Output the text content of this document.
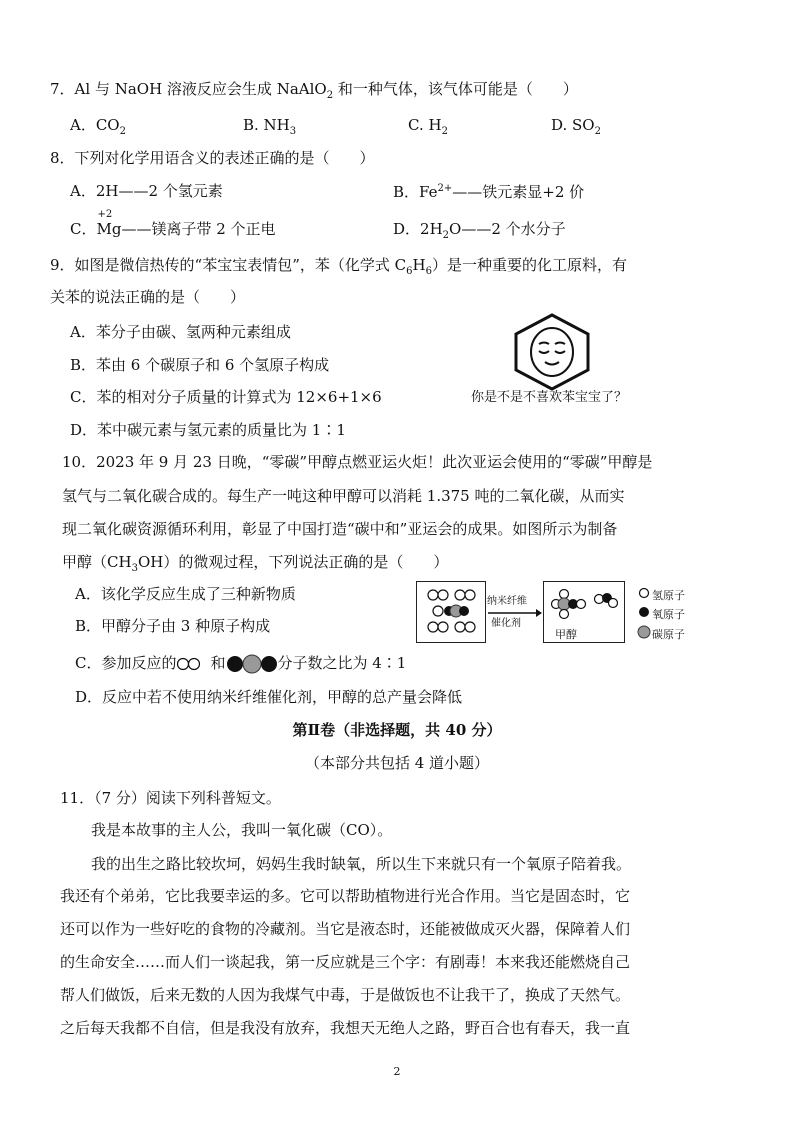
7．Al 与 NaOH 溶液反应会生成 NaAlO$_2$ 和一种气体，该气体可能是（　　）
A．$CO_2$	B. $NH_3$	C. $H_2$	D. $SO_2$
8．下列对化学用语含义的表述正确的是（　　）
A．2H——2 个氢元素	B．$Fe^{2+}——$铁元素显+2 价
C．
+2
Mg——镁离子带 2 个正电	D．$2H_2O——2$ 个水分子
9．如图是微信热传的“苯宝宝表情包”，苯（化学式 $C_6H_6$）是一种重要的化工原料，有
关苯的说法正确的是（　　）
A．苯分子由碳、氢两种元素组成
B．苯由 6 个碳原子和 6 个氢原子构成
C．苯的相对分子质量的计算式为 12×6+1×6
D．苯中碳元素与氢元素的质量比为 1∶1
你是不是不喜欢苯宝宝了？
10．2023 年 9 月 23 日晚，“零碳”甲醇点燃亚运火炬！此次亚运会使用的“零碳”甲醇是
氢气与二氧化碳合成的。每生产一吨这种甲醇可以消耗 1.375 吨的二氧化碳，从而实
现二氧化碳资源循环利用，彰显了中国打造“碳中和”亚运会的成果。如图所示为制备
甲醇$(CH_3OH)$的微观过程，下列说法正确的是（　　）
A．该化学反应生成了三种新物质
B．甲醇分子由 3 种原子构成
C．参加反应的 和	分子数之比为 4∶1
D．反应中若不使用纳米纤维催化剂，甲醇的总产量会降低
纳米纤维
催化剂
甲醇
氢原子
氧原子
碳原子
第Ⅱ卷（非选择题，共 40 分）
（本部分共包括 4 道小题）
11．（7 分）阅读下列科普短文。
我是本故事的主人公，我叫一氧化碳（CO）。
我的出生之路比较坎坷，妈妈生我时缺氧，所以生下来就只有一个氧原子陪着我。
我还有个弟弟，它比我要幸运的多。它可以帮助植物进行光合作用。当它是固态时，它
还可以作为一些好吃的食物的冷藏剂。当它是液态时，还能被做成灭火器，保障着人们
的生命安全……而人们一谈起我，第一反应就是三个字：有剧毒！本来我还能燃烧自己
帮人们做饭，后来无数的人因为我煤气中毒，于是做饭也不让我干了，换成了天然气。
之后每天我都不自信，但是我没有放弃，我想天无绝人之路，野百合也有春天，我一直
2
